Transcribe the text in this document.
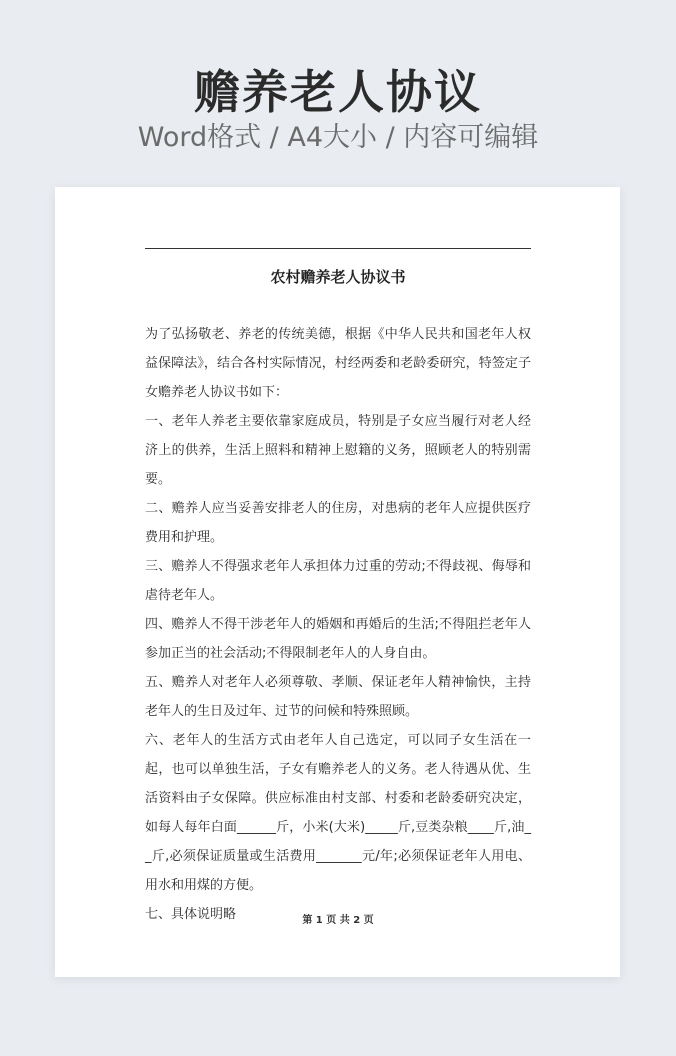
赡养老人协议
Word格式 / A4大小 / 内容可编辑
农村赡养老人协议书

为了弘扬敬老、养老的传统美德，根据《中华人民共和国老年人权益保障法》，结合各村实际情况，村经两委和老龄委研究，特签定子女赡养老人协议书如下：

一、老年人养老主要依靠家庭成员，特别是子女应当履行对老人经济上的供养，生活上照料和精神上慰籍的义务，照顾老人的特别需要。

二、赡养人应当妥善安排老人的住房，对患病的老年人应提供医疗费用和护理。

三、赡养人不得强求老年人承担体力过重的劳动;不得歧视、侮辱和虐待老年人。

四、赡养人不得干涉老年人的婚姻和再婚后的生活;不得阻拦老年人参加正当的社会活动;不得限制老年人的人身自由。

五、赡养人对老年人必须尊敬、孝顺、保证老年人精神愉快，主持老年人的生日及过年、过节的问候和特殊照顾。

六、老年人的生活方式由老年人自己选定，可以同子女生活在一起，也可以单独生活，子女有赡养老人的义务。老人待遇从优、生活资料由子女保障。供应标准由村支部、村委和老龄委研究决定，如每人每年白面______斤，小米(大米)_____斤,豆类杂粮____斤,油__斤,必须保证质量或生活费用_______元/年;必须保证老年人用电、用水和用煤的方便。

七、具体说明略	第 1 页 共 2 页
